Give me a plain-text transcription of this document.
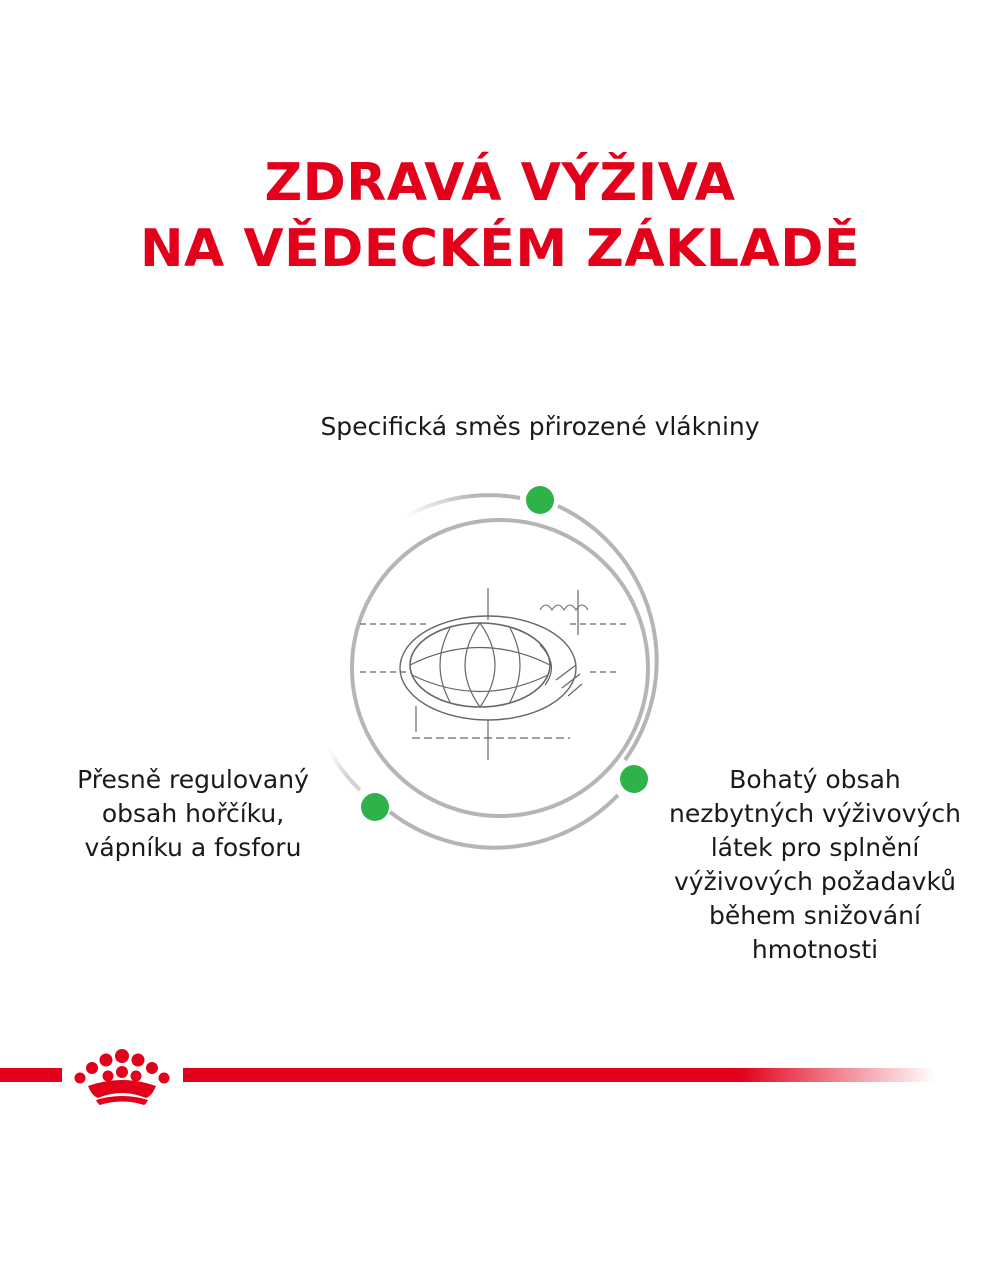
ZDRAVÁ VÝŽIVA
NA VĚDECKÉM ZÁKLADĚ
Specifická směs přirozené vlákniny
Přesně regulovaný
obsah hořčíku,
vápníku a fosforu
Bohatý obsah
nezbytných výživových
látek pro splnění
výživových požadavků
během snižování
hmotnosti
